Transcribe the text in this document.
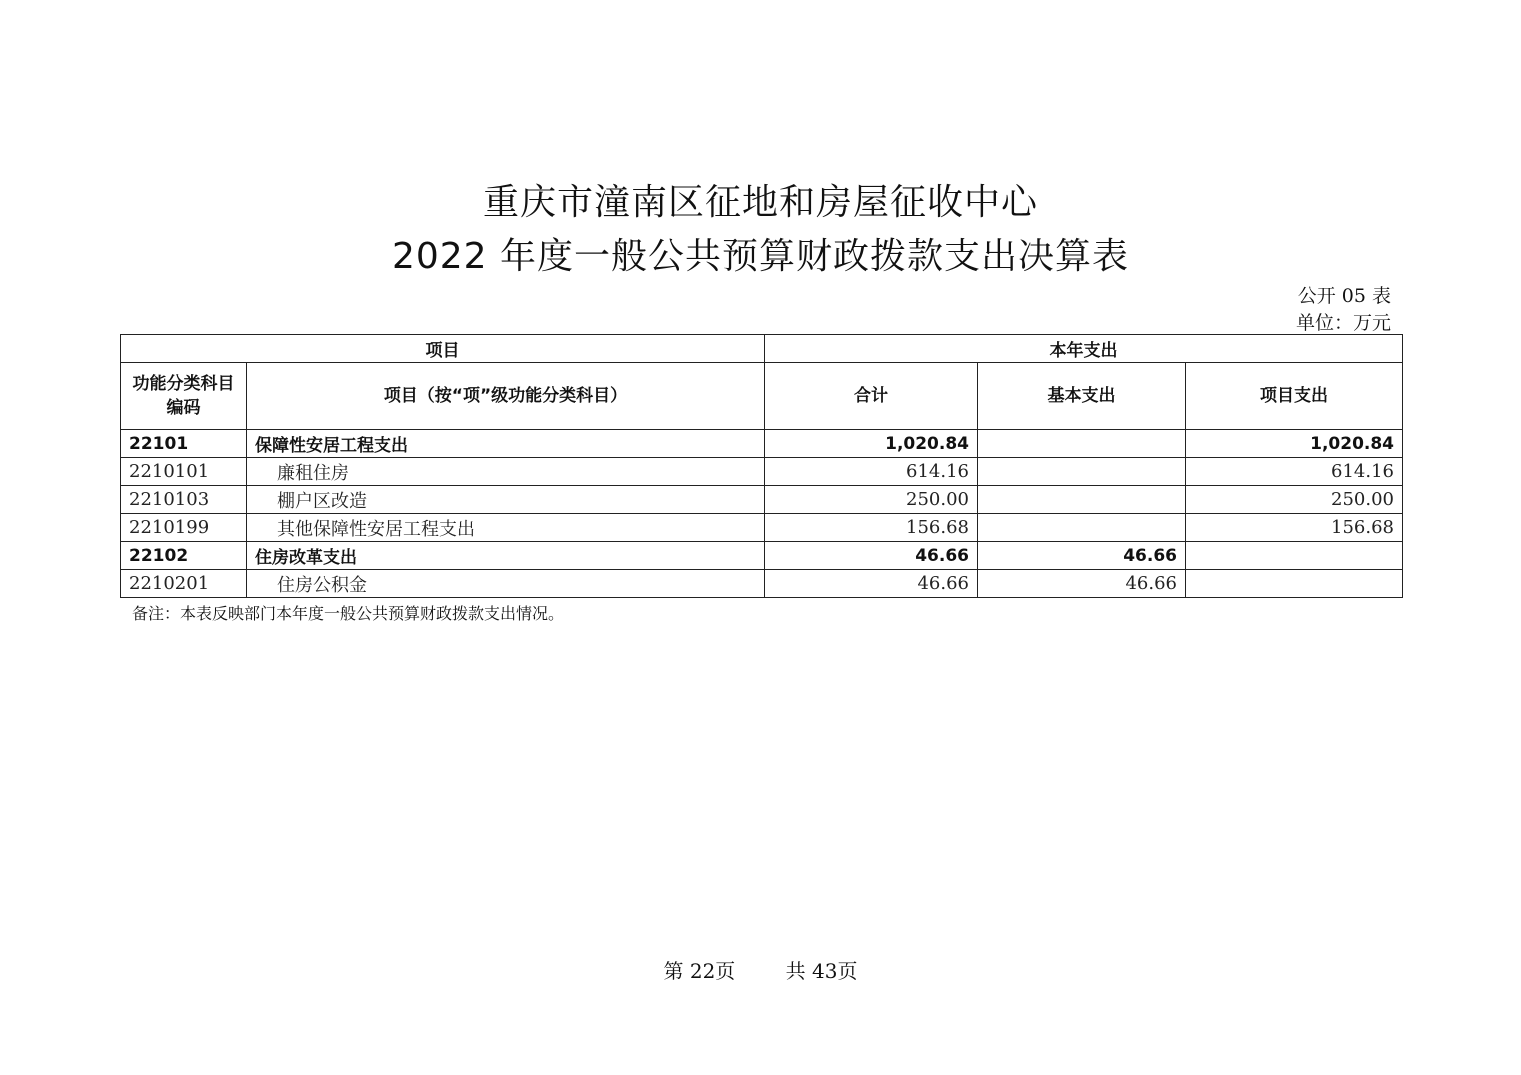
重庆市潼南区征地和房屋征收中心
2022 年度一般公共预算财政拨款支出决算表
公开 05 表
单位：万元
项目		本年支出		
功能分类科目编码	项目（按“项”级功能分类科目）	合计	基本支出	项目支出
22101	保障性安居工程支出	1,020.84		1,020.84
2210101	廉租住房	614.16		614.16
2210103	棚户区改造	250.00		250.00
2210199	其他保障性安居工程支出	156.68		156.68
22102	住房改革支出	46.66	46.66	
2210201	住房公积金	46.66	46.66	
备注：本表反映部门本年度一般公共预算财政拨款支出情况。
第 22页	共 43页
